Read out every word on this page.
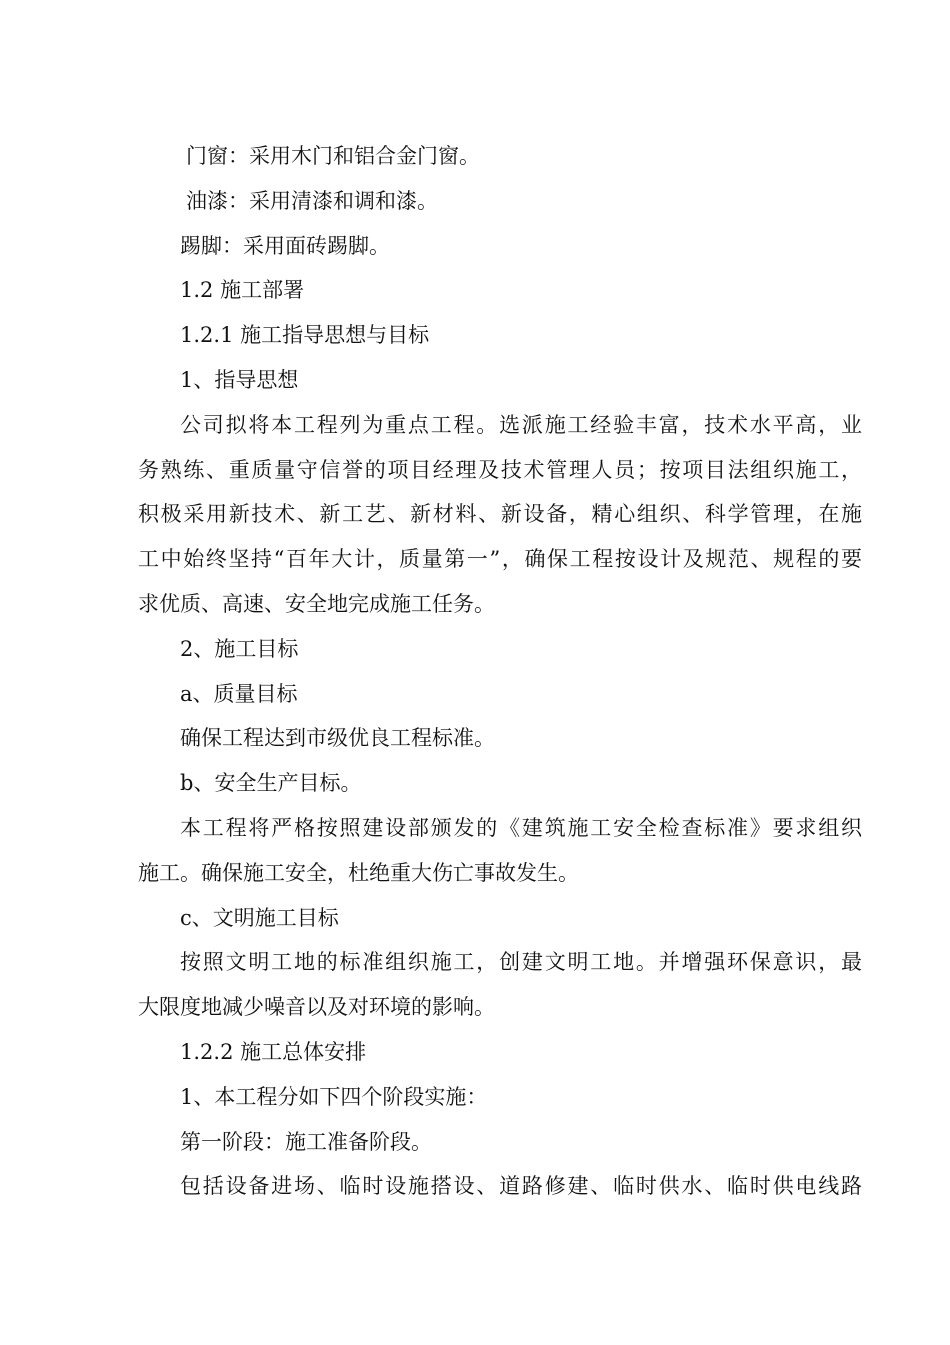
门窗：采用木门和铝合金门窗。
油漆：采用清漆和调和漆。
踢脚：采用面砖踢脚。
1.2 施工部署
1.2.1 施工指导思想与目标
1、指导思想
公司拟将本工程列为重点工程。选派施工经验丰富，技术水平高，业
务熟练、重质量守信誉的项目经理及技术管理人员；按项目法组织施工，
积极采用新技术、新工艺、新材料、新设备，精心组织、科学管理，在施
工中始终坚持“百年大计，质量第一”，确保工程按设计及规范、规程的要
求优质、高速、安全地完成施工任务。
2、施工目标
a、质量目标
确保工程达到市级优良工程标准。
b、安全生产目标。
本工程将严格按照建设部颁发的《建筑施工安全检查标准》要求组织
施工。确保施工安全，杜绝重大伤亡事故发生。
c、文明施工目标
按照文明工地的标准组织施工，创建文明工地。并增强环保意识，最
大限度地减少噪音以及对环境的影响。
1.2.2 施工总体安排
1、本工程分如下四个阶段实施：
第一阶段：施工准备阶段。
包括设备进场、临时设施搭设、道路修建、临时供水、临时供电线路
